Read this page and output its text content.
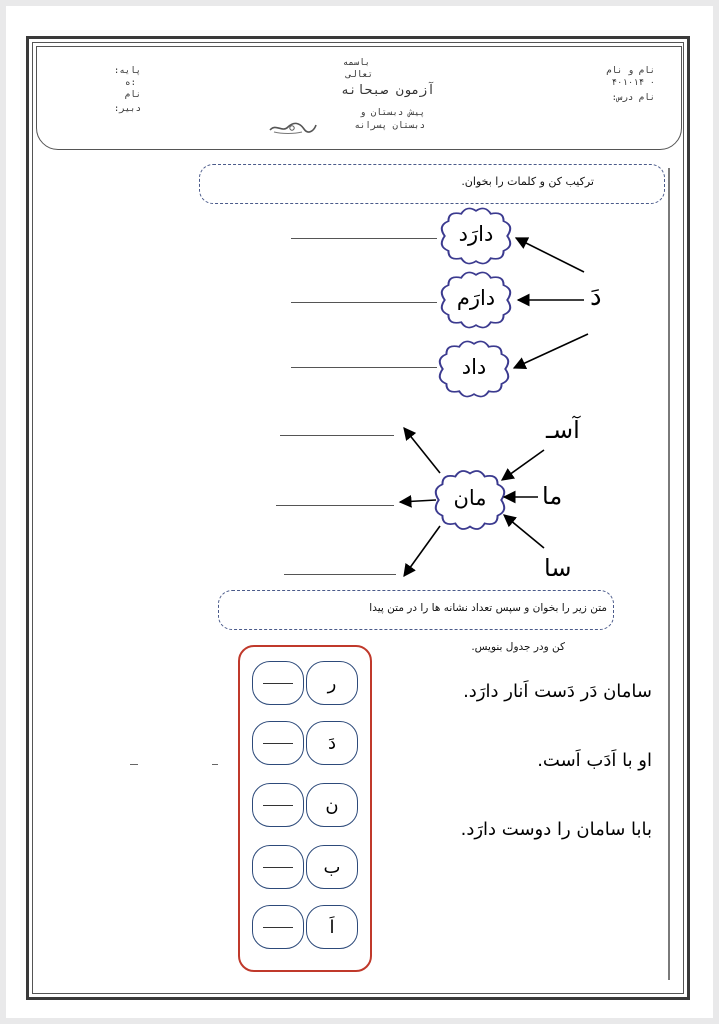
نام و نام
۰ ۴۰۱۰۱۴
نام درس:
باسمه
تعالی
آزمون صبحانه
پیش دبستان و
دبستان پسرانه
پایه:
:ه
نام
دبیر:
ترکیب کن و کلمات را بخوان.
دارَد
دارَم
داد
مان
دَ
آسـ
ما
سا
متن زیر را بخوان و سپس تعداد نشانه ها را در متن پیدا
کن ودر جدول بنویس.
سامان دَر دَست اَنار دارَد.
او با اَدَب اَست.
بابا سامان را دوست دارَد.
ر
دَ
ن
ب
اَ
